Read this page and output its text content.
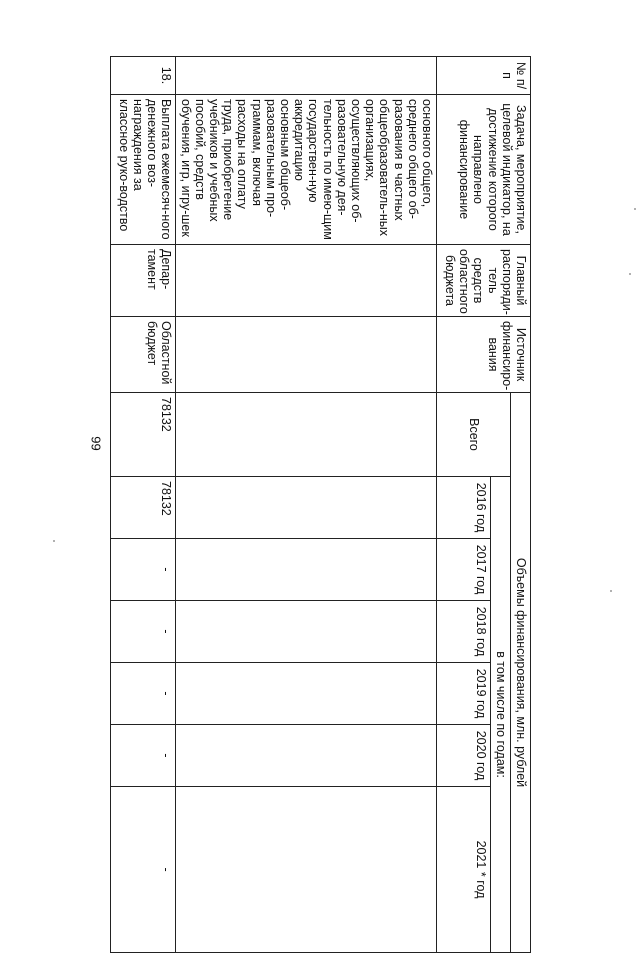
99
№ п/п	Задача, мероприятие, целевой индикатор, на достижение которого направлено финансирование	Главный распоряди-тель средств областного бюджета	Источник финансиро-вания	Объемы финансирования, млн. рублей						
				Всего	в том числе по годам:					
					2016 год	2017 год	2018 год	2019 год	2020 год	2021 * год
	основного общего, среднего общего об-разования в частных общеобразователь-ных организациях, осуществляющих об-разовательную дея-тельность по имею-щим государствен-ную аккредитацию основным общеоб-разовательным про-граммам, включая расходы на оплату труда, приобретение учебников и учебных пособий, средств обучения, игр, игру-шек									
18.	Выплата ежемесяч-ного денежного воз-награждения за классное руко-водство	Депар-тамент	Областной бюджет	78132	78132	-	-	-	-	-
